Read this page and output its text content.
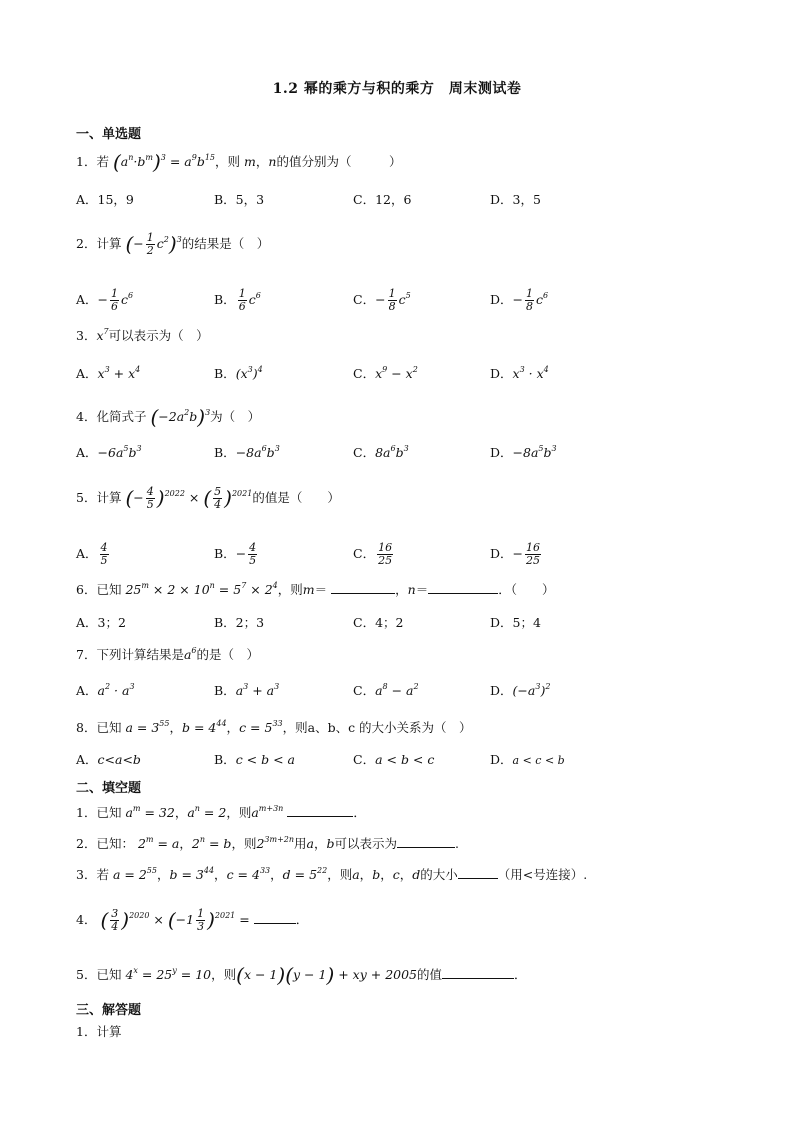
1.2 幂的乘方与积的乘方　周末测试卷
一、单选题
1．若 $(a^n\cdot b^m)^3 = a^9b^{15}$，则 m，n的值分别为（　　　）
A．15，9	B．5，3	C．12，6	D．3，5
2．计算 (− $\frac{1}{2} c^2)^3$的结果是（　）
A．− $\frac{1}{6} c^6$	B． $\frac{1}{6} c^6$	C．− $\frac{1}{8} c^5$	D．− $\frac{1}{8} c^6$
3．$x^7$可以表示为（　）
A．$x^3 + x^4$	B．$(x^3)^4$	C．$x^9 - x^2$	D．$x^3 \cdot x^4$
4．化简式子 $(-2a^2b)^3$为（　）
A．$-6a^5b^3$	B．$-8a^6b^3$	C．$8a^6b^3$	D．$-8a^5b^3$
5．计算 (− $\frac{4}{5} )^{2022}$ × ( $\frac{5}{4} )^{2021}$的值是（　　）
A． $\frac{4}{5}$	B．− $\frac{4}{5}$	C． $\frac{16}{25}$	D．− $\frac{16}{25}$
6．已知 $25^m \times 2 \times 10^n = 5^7 \times 2^4$，则m＝	，n＝	．（　　）
A．3；2	B．2；3	C．4；2	D．5；4
7．下列计算结果是$a^6$的是（　）
A．$a^2 \cdot a^3$	B．$a^3 + a^3$	C．$a^8 - a^2$	D．$(-a^3)^2$
8．已知 $a = 3^{55}$，$b = 4^{44}$，$c = 5^{33}$，则a、b、c 的大小关系为（　）
A．c<a<b	B．c < b < a	C．a < b < c	D．a < c < b
二、填空题
1．已知 $a^m = 32$，$a^n = 2$，则$a^{m+3n}$	．
2．已知： $2^m = a$，$2^n = b$，则$2^{3m+2n}$用a，b可以表示为	.
3．若 $a = 2^{55}$，$b = 3^{44}$，$c = 4^{33}$，$d = 5^{22}$，则a，b，c，d的大小	（用<号连接）.
4． ( $\frac{3}{4} )^{2020} \times (-1 \frac{1}{3} )^{2021}$ =	．
5．已知 $4^x = 25^y = 10$，则(x − 1)(y − 1) + xy + 2005的值	．
三、解答题
1．计算
